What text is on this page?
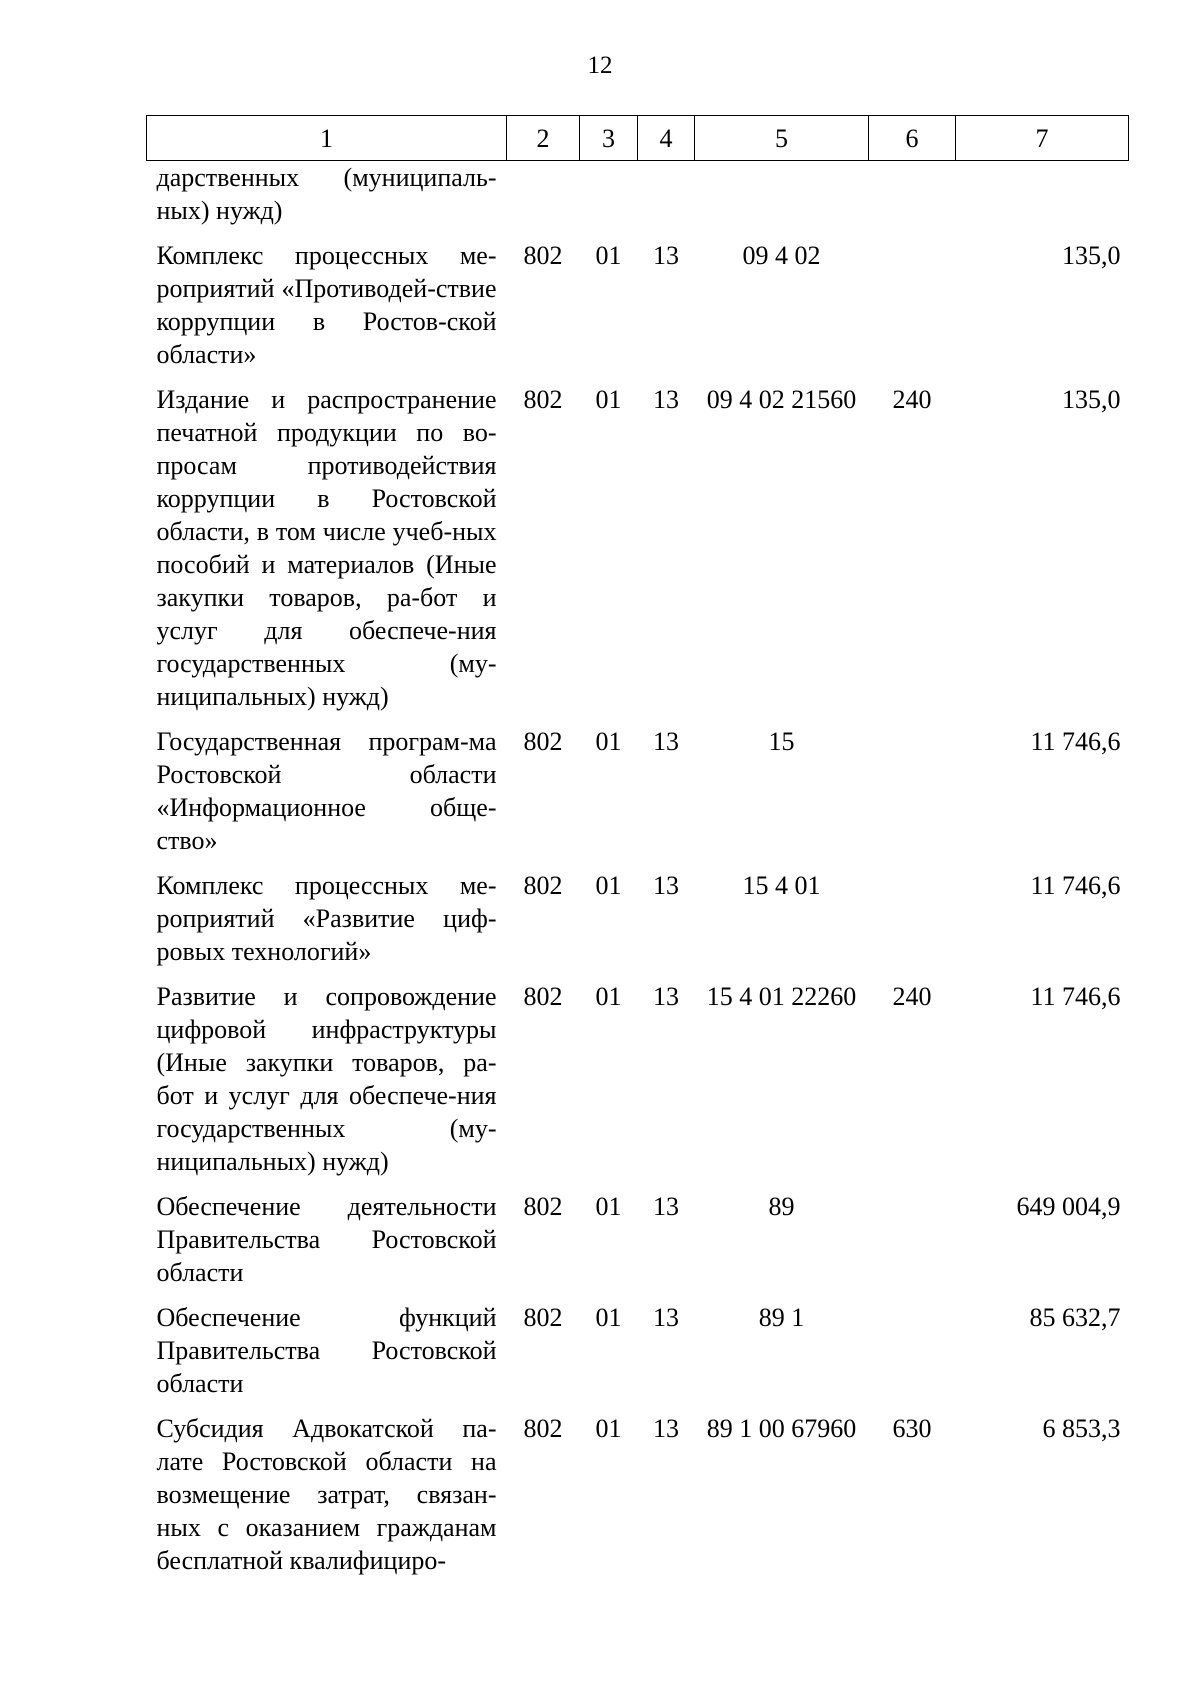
12
1	2	3	4	5	6	7
дарственных (муниципаль-ных) нужд)						
Комплекс процессных ме-роприятий «Противодей-ствие коррупции в Ростов-ской области»	802	01	13	09 4 02		135,0
Издание и распространение печатной продукции по во-просам противодействия коррупции в Ростовской области, в том числе учеб-ных пособий и материалов (Иные закупки товаров, ра-бот и услуг для обеспече-ния государственных (му-ниципальных) нужд)	802	01	13	09 4 02 21560	240	135,0
Государственная програм-ма Ростовской области «Информационное обще-ство»	802	01	13	15		11 746,6
Комплекс процессных ме-роприятий «Развитие циф-ровых технологий»	802	01	13	15 4 01		11 746,6
Развитие и сопровождение цифровой инфраструктуры (Иные закупки товаров, ра-бот и услуг для обеспече-ния государственных (му-ниципальных) нужд)	802	01	13	15 4 01 22260	240	11 746,6
Обеспечение деятельности Правительства Ростовской области	802	01	13	89		649 004,9
Обеспечение функций Правительства Ростовской области	802	01	13	89 1		85 632,7
Субсидия Адвокатской па-лате Ростовской области на возмещение затрат, связан-ных с оказанием гражданам бесплатной квалифициро-	802	01	13	89 1 00 67960	630	6 853,3
